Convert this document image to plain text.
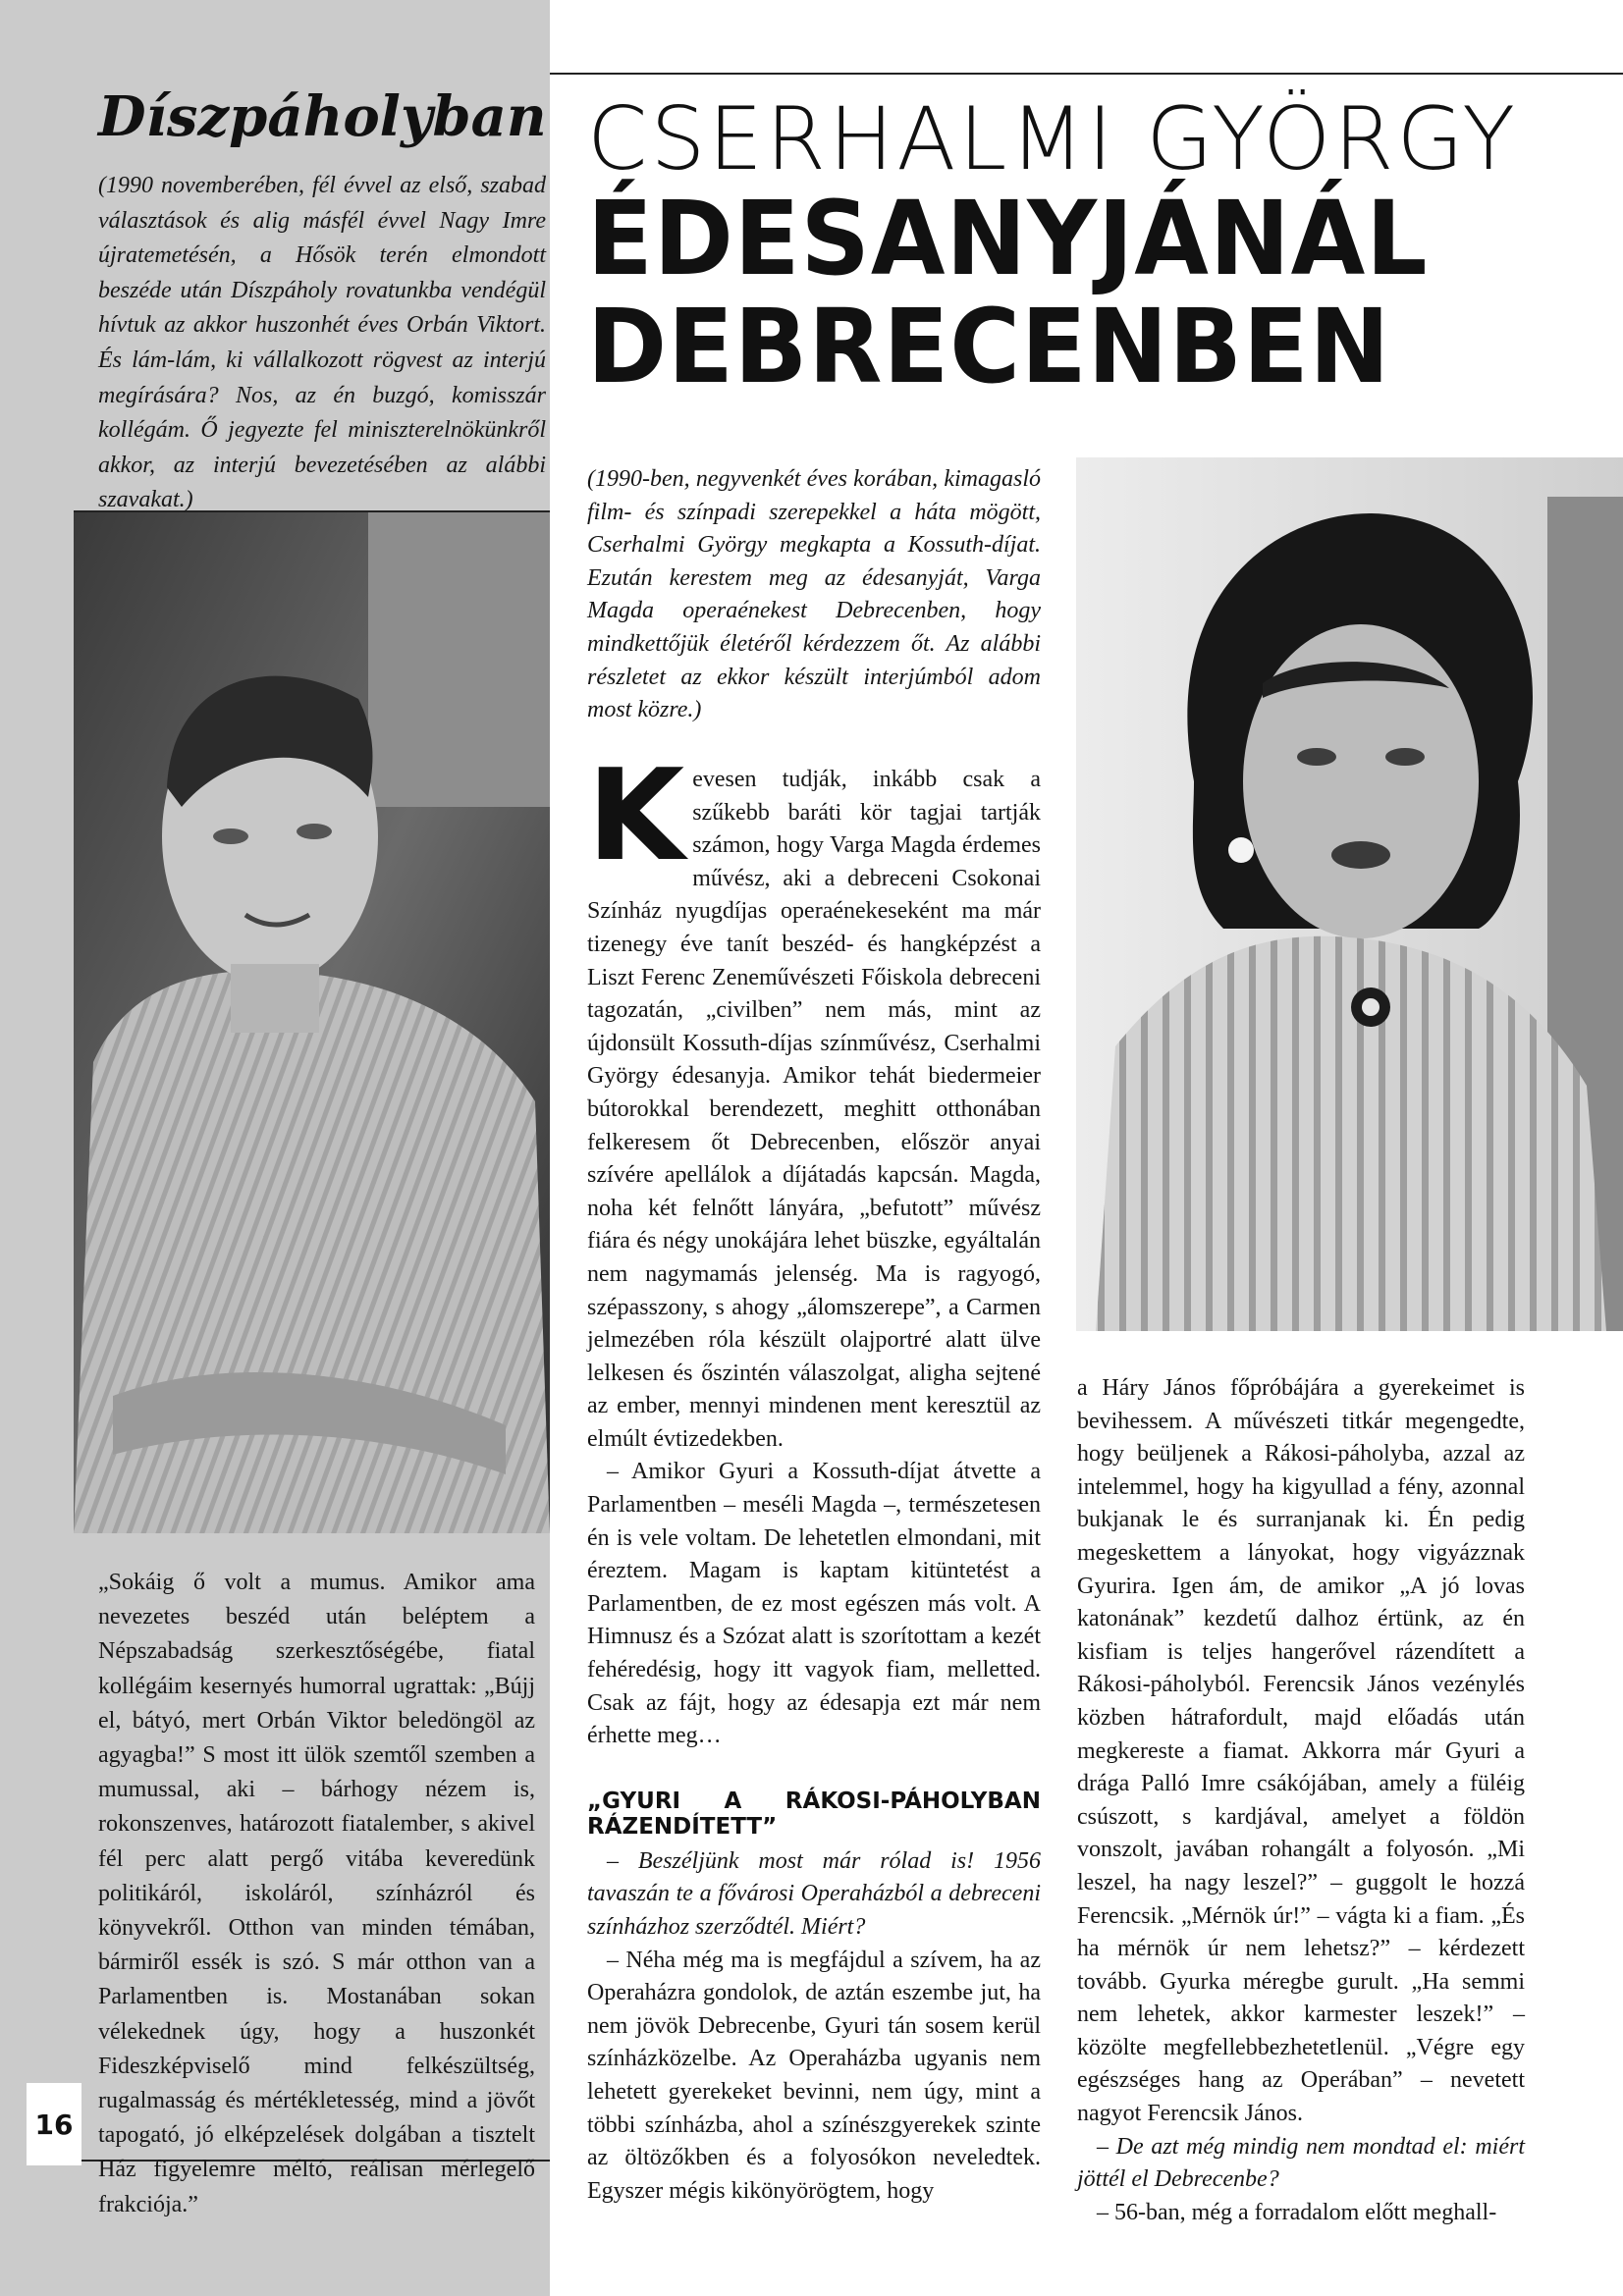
Díszpáholyban

(1990 novemberében, fél évvel az első, szabad választások és alig másfél évvel Nagy Imre újratemetésén, a Hősök terén elmondott beszéde után Díszpáholy rovatunkba vendégül hívtuk az akkor huszonhét éves Orbán Viktort. És lám-lám, ki vállalkozott rögvest az interjú megírására? Nos, az én buzgó, komisszár kollégám. Ő jegyezte fel miniszterelnökünkről akkor, az interjú bevezetésében az alábbi szavakat.)

„Sokáig ő volt a mumus. Amikor ama nevezetes beszéd után beléptem a Népszabadság szerkesztőségébe, fiatal kollégáim kesernyés humorral ugrattak: „Bújj el, bátyó, mert Orbán Viktor beledöngöl az agyagba!” S most itt ülök szemtől szemben a mumussal, aki – bárhogy nézem is, rokonszenves, határozott fiatalember, s akivel fél perc alatt pergő vitába keveredünk politikáról, iskoláról, színházról és könyvekről. Otthon van minden témában, bármiről essék is szó. S már otthon van a Parlamentben is. Mostanában sokan vélekednek úgy, hogy a huszonkét Fideszképviselő mind felkészültség, rugalmasság és mértékletesség, mind a jövőt tapogató, jó elképzelések dolgában a tisztelt Ház figyelemre méltó, reálisan mérlegelő frakciója.”

16
CSERHALMI GYÖRGY
ÉDESANYJÁNÁL
DEBRECENBEN

(1990-ben, negyvenkét éves korában, kimagasló film- és színpadi szerepekkel a háta mögött, Cserhalmi György megkapta a Kossuth-díjat. Ezután kerestem meg az édesanyját, Varga Magda operaénekest Debrecenben, hogy mindkettőjük életéről kérdezzem őt. Az alábbi részletet az ekkor készült interjúmból adom most közre.)

Kevesen tudják, inkább csak a szűkebb baráti kör tagjai tartják számon, hogy Varga Magda érdemes művész, aki a debreceni Csokonai Színház nyugdíjas operaénekeseként ma már tizenegy éve tanít beszéd- és hangképzést a Liszt Ferenc Zeneművészeti Főiskola debreceni tagozatán, „civilben” nem más, mint az újdonsült Kossuth-díjas színművész, Cserhalmi György édesanyja. Amikor tehát biedermeier bútorokkal berendezett, meghitt otthonában felkeresem őt Debrecenben, először anyai szívére apellálok a díjátadás kapcsán. Magda, noha két felnőtt lányára, „befutott” művész fiára és négy unokájára lehet büszke, egyáltalán nem nagymamás jelenség. Ma is ragyogó, szépasszony, s ahogy „álomszerepe”, a Carmen jelmezében róla készült olajportré alatt ülve lelkesen és őszintén válaszolgat, aligha sejtené az ember, mennyi mindenen ment keresztül az elmúlt évtizedekben.

– Amikor Gyuri a Kossuth-díjat átvette a Parlamentben – meséli Magda –, természetesen én is vele voltam. De lehetetlen elmondani, mit éreztem. Magam is kaptam kitüntetést a Parlamentben, de ez most egészen más volt. A Himnusz és a Szózat alatt is szorítottam a kezét fehéredésig, hogy itt vagyok fiam, melletted. Csak az fájt, hogy az édesapja ezt már nem érhette meg…

„GYURI A RÁKOSI-PÁHOLYBAN RÁZENDÍTETT”

– Beszéljünk most már rólad is! 1956 tavaszán te a fővárosi Operaházból a debreceni színházhoz szerződtél. Miért?

– Néha még ma is megfájdul a szívem, ha az Operaházra gondolok, de aztán eszembe jut, ha nem jövök Debrecenbe, Gyuri tán sosem kerül színházközelbe. Az Operaházba ugyanis nem lehetett gyerekeket bevinni, nem úgy, mint a többi színházba, ahol a színészgyerekek szinte az öltözőkben és a folyosókon neveledtek. Egyszer mégis kikönyörögtem, hogy

a Háry János főpróbájára a gyerekeimet is bevihessem. A művészeti titkár megengedte, hogy beüljenek a Rákosi-páholyba, azzal az intelemmel, hogy ha kigyullad a fény, azonnal bukjanak le és surranjanak ki. Én pedig megeskettem a lányokat, hogy vigyázznak Gyurira. Igen ám, de amikor „A jó lovas katonának” kezdetű dalhoz értünk, az én kisfiam is teljes hangerővel rázendített a Rákosi-páholyból. Ferencsik János vezénylés közben hátrafordult, majd előadás után megkereste a fiamat. Akkorra már Gyuri a drága Palló Imre csákójában, amely a füléig csúszott, s kardjával, amelyet a földön vonszolt, javában rohangált a folyosón. „Mi leszel, ha nagy leszel?” – guggolt le hozzá Ferencsik. „Mérnök úr!” – vágta ki a fiam. „És ha mérnök úr nem lehetsz?” – kérdezett tovább. Gyurka méregbe gurult. „Ha semmi nem lehetek, akkor karmester leszek!” – közölte megfellebbezhetetlenül. „Végre egy egészséges hang az Operában” – nevetett nagyot Ferencsik János.

– De azt még mindig nem mondtad el: miért jöttél el Debrecenbe?

– 56-ban, még a forradalom előtt meghall-
